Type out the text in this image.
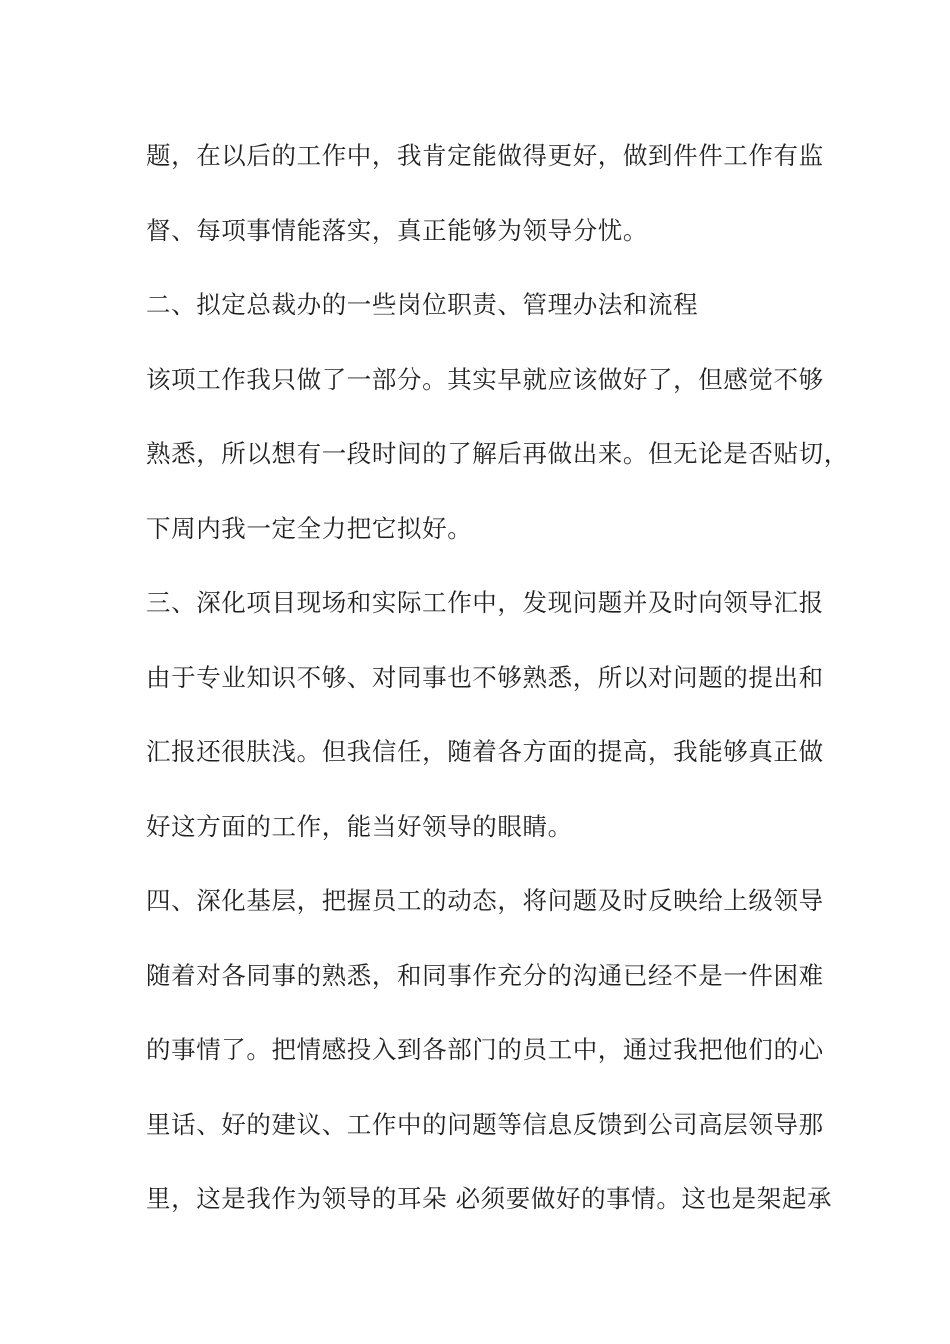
题，在以后的工作中，我肯定能做得更好，做到件件工作有监
督、每项事情能落实，真正能够为领导分忧。
二、拟定总裁办的一些岗位职责、管理办法和流程
该项工作我只做了一部分。其实早就应该做好了，但感觉不够
熟悉，所以想有一段时间的了解后再做出来。但无论是否贴切，
下周内我一定全力把它拟好。
三、深化项目现场和实际工作中，发现问题并及时向领导汇报
由于专业知识不够、对同事也不够熟悉，所以对问题的提出和
汇报还很肤浅。但我信任，随着各方面的提高，我能够真正做
好这方面的工作，能当好领导的眼睛。
四、深化基层，把握员工的动态，将问题及时反映给上级领导
随着对各同事的熟悉，和同事作充分的沟通已经不是一件困难
的事情了。把情感投入到各部门的员工中，通过我把他们的心
里话、好的建议、工作中的问题等信息反馈到公司高层领导那
里，这是我作为领导的耳朵 必须要做好的事情。这也是架起承
